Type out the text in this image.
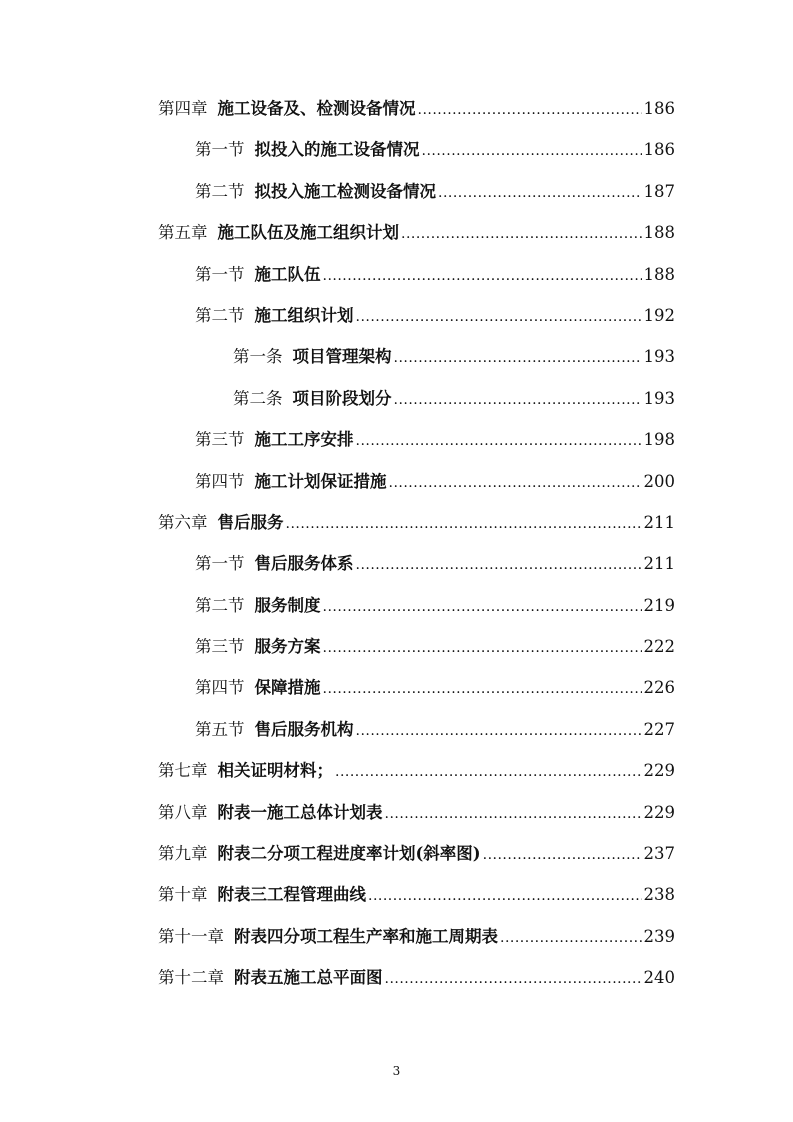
第四章 施工设备及、检测设备情况 .....	186
第一节 拟投入的施工设备情况 .....	186
第二节 拟投入施工检测设备情况 .....	187
第五章 施工队伍及施工组织计划 .....	188
第一节 施工队伍 .....	188
第二节 施工组织计划 .....	192
第一条 项目管理架构 .....	193
第二条 项目阶段划分 .....	193
第三节 施工工序安排 .....	198
第四节 施工计划保证措施 .....	200
第六章 售后服务 .....	211
第一节 售后服务体系 .....	211
第二节 服务制度 .....	219
第三节 服务方案 .....	222
第四节 保障措施 .....	226
第五节 售后服务机构 .....	227
第七章 相关证明材料； .....	229
第八章 附表一施工总体计划表 .....	229
第九章 附表二分项工程进度率计划(斜率图) .....	237
第十章 附表三工程管理曲线 .....	238
第十一章 附表四分项工程生产率和施工周期表 .....	239
第十二章 附表五施工总平面图 .....	240
3
